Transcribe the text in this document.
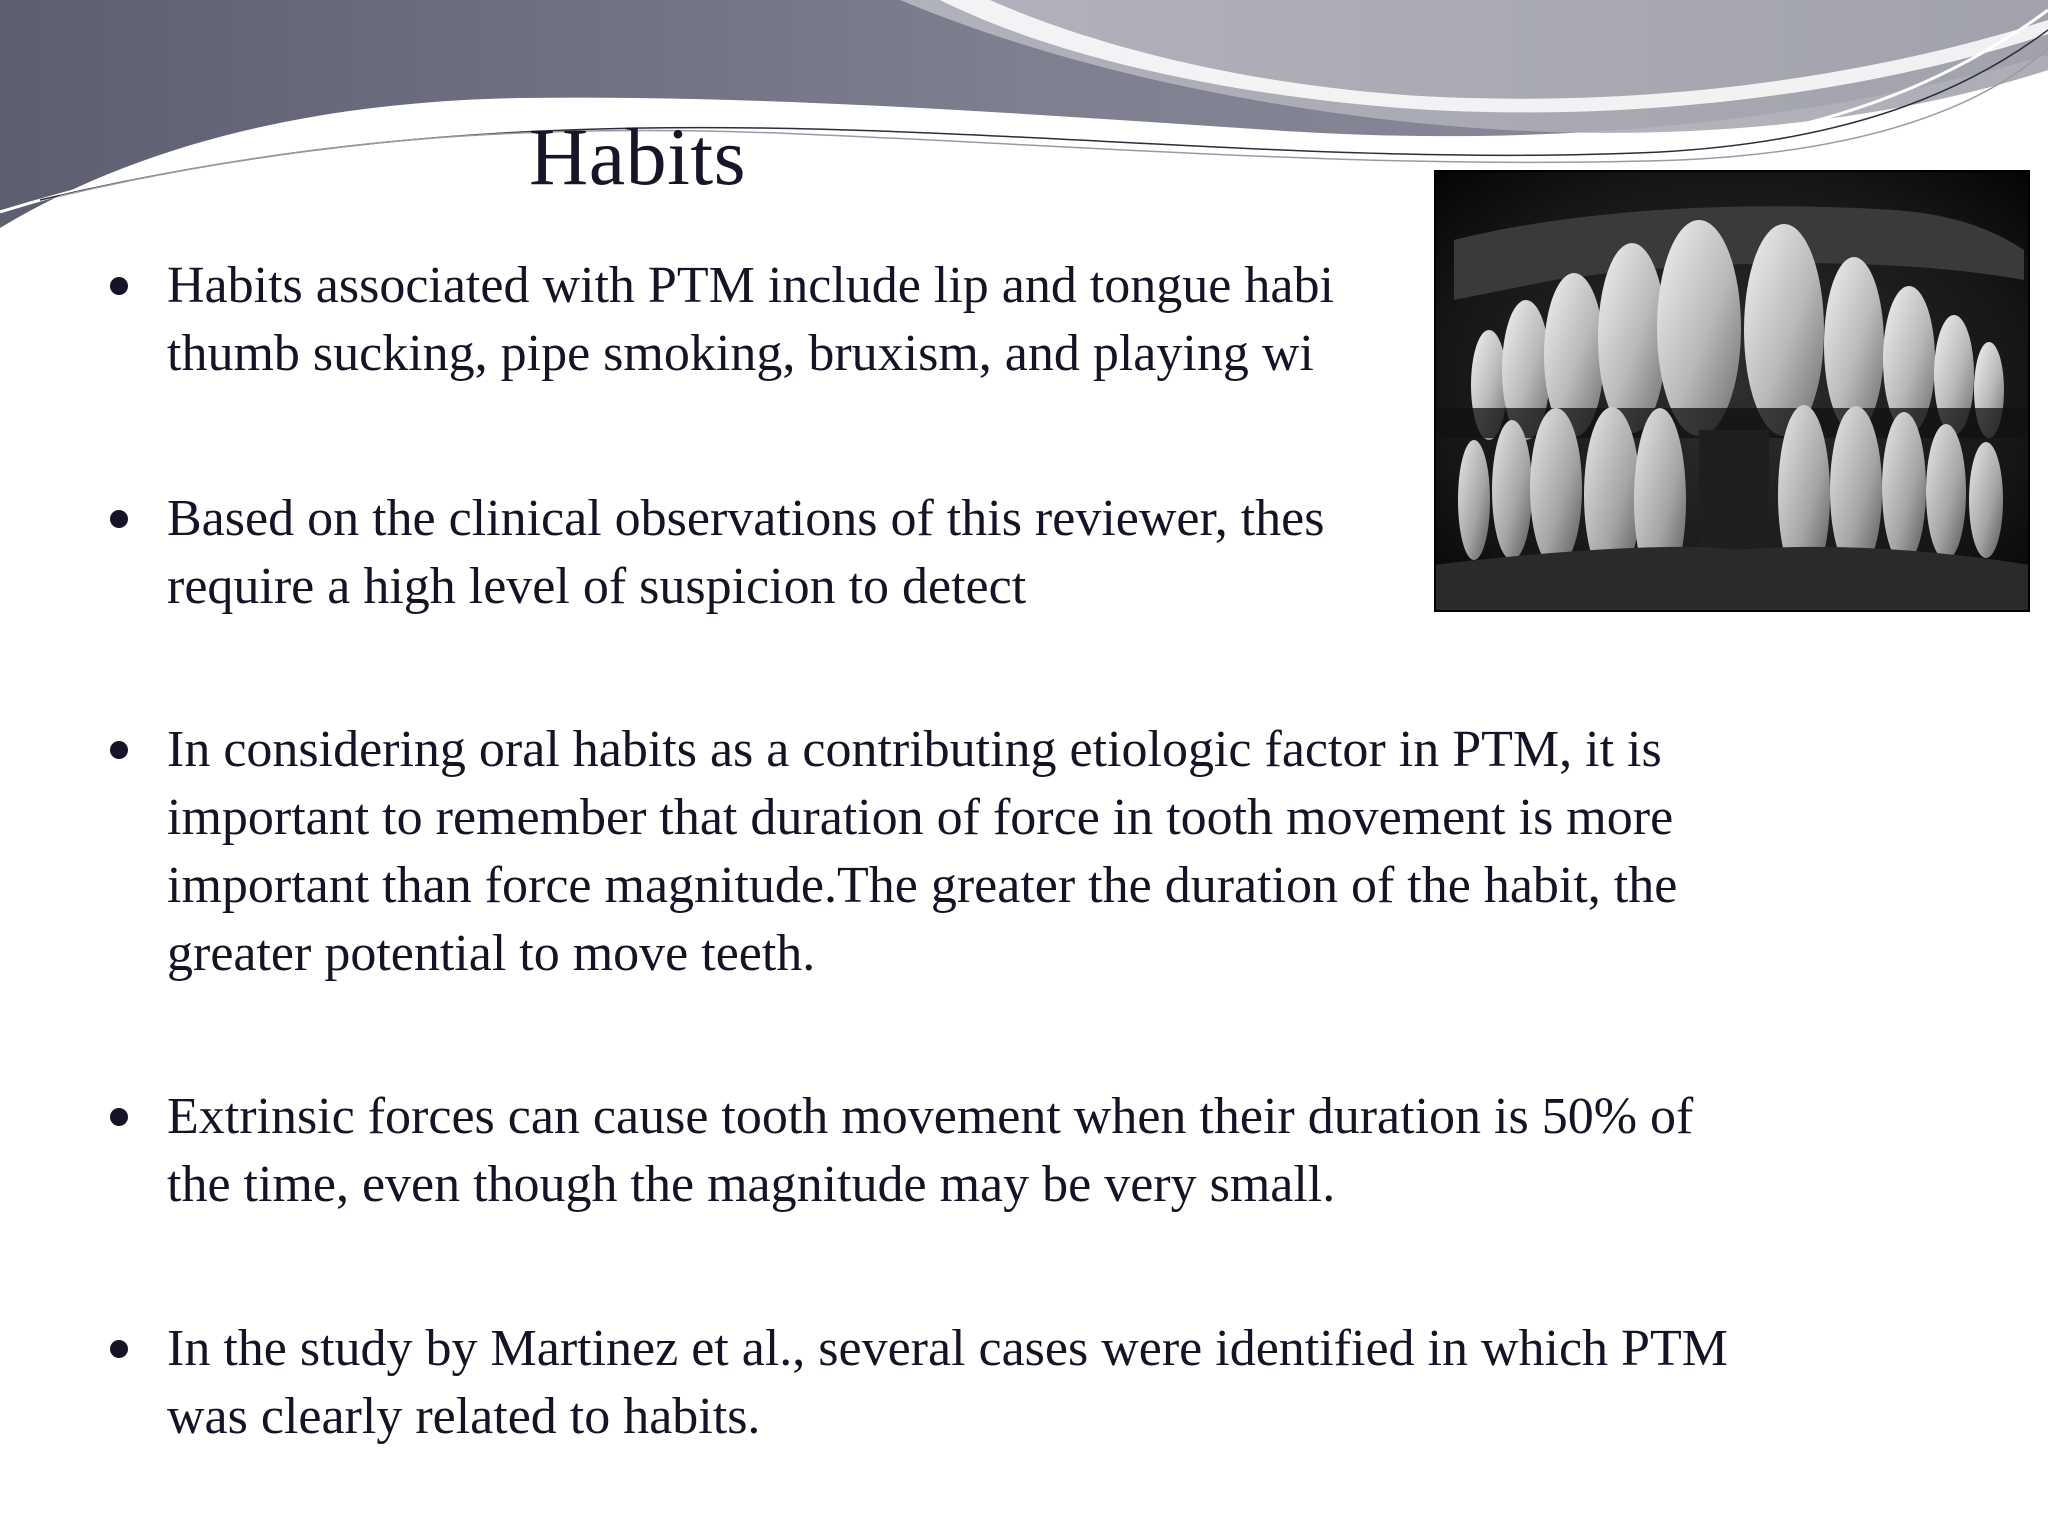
Habits
Habits associated with PTM include lip and tongue habi
thumb sucking, pipe smoking, bruxism, and playing wi
Based on the clinical observations of this reviewer, thes
require a high level of suspicion to detect
In considering oral habits as a contributing etiologic factor in PTM, it is
important to remember that duration of force in tooth movement is more
important than force magnitude.The greater the duration of the habit, the
greater potential to move teeth.
Extrinsic forces can cause tooth movement when their duration is 50% of
the time, even though the magnitude may be very small.
In the study by Martinez et al., several cases were identified in which PTM
was clearly related to habits.
